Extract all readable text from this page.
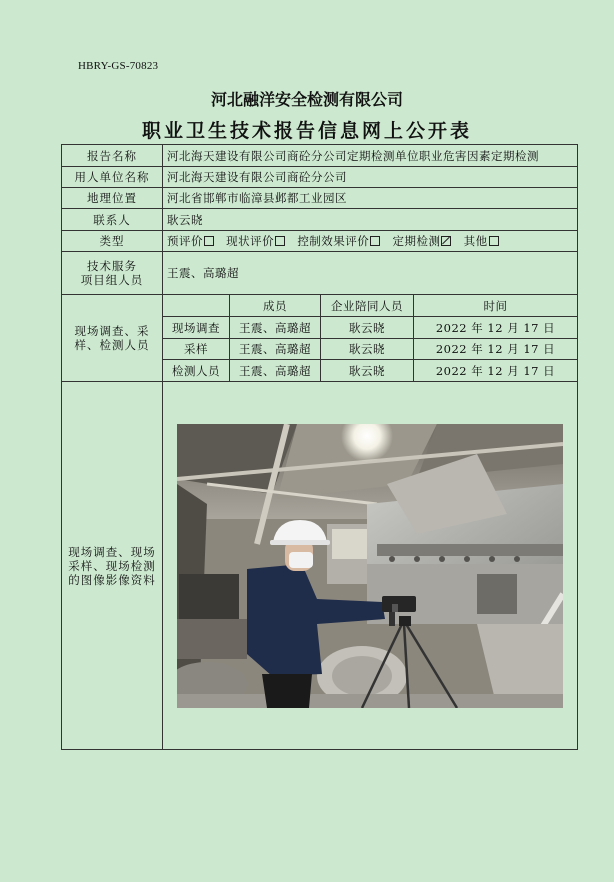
HBRY-GS-70823
河北融洋安全检测有限公司
职业卫生技术报告信息网上公开表
报告名称	河北海天建设有限公司商砼分公司定期检测单位职业危害因素定期检测			
用人单位名称	河北海天建设有限公司商砼分公司			
地理位置	河北省邯郸市临漳县邺都工业园区			
联系人	耿云晓			
类型	预评价 现状评价 控制效果评价 定期检测 其他			

技术服务
项目组人员	王震、高璐超			
现场调查、采样、检测人员		成员	企业陪同人员	时间
	现场调查	王震、高璐超	耿云晓	2022 年 12 月 17 日
	采样	王震、高璐超	耿云晓	2022 年 12 月 17 日
	检测人员	王震、高璐超	耿云晓	2022 年 12 月 17 日
现场调查、现场采样、现场检测的图像影像资料	
